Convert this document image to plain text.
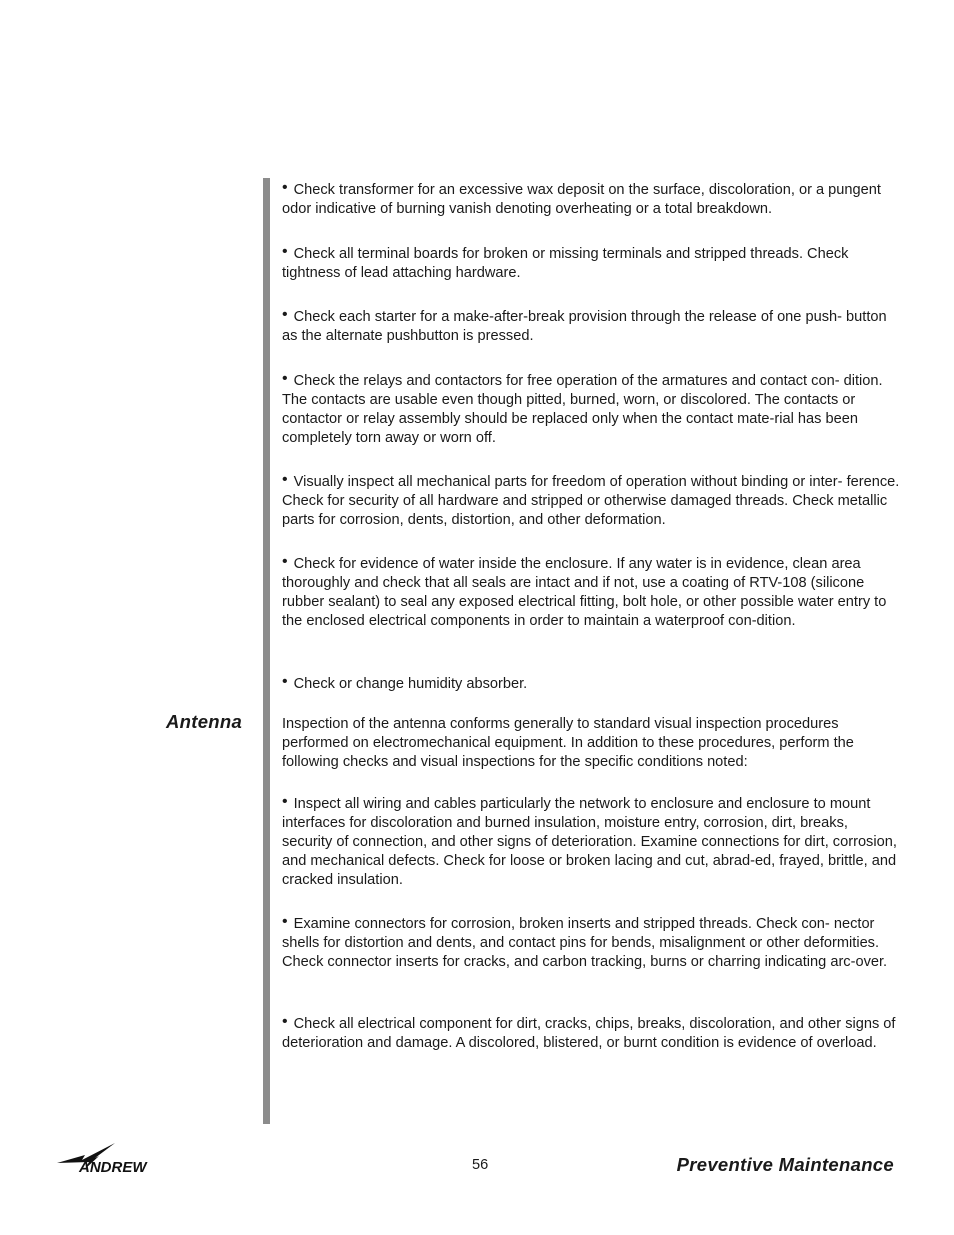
Antenna

• Check transformer for an excessive wax deposit on the surface, discoloration, or a pungent odor indicative of burning vanish denoting overheating or a total breakdown.

• Check all terminal boards for broken or missing terminals and stripped threads. Check tightness of lead attaching hardware.

• Check each starter for a make-after-break provision through the release of one push- button as the alternate pushbutton is pressed.

• Check the relays and contactors for free operation of the armatures and contact con- dition. The contacts are usable even though pitted, burned, worn, or discolored. The contacts or contactor or relay assembly should be replaced only when the contact mate-rial has been completely torn away or worn off.

• Visually inspect all mechanical parts for freedom of operation without binding or inter- ference. Check for security of all hardware and stripped or otherwise damaged threads. Check metallic parts for corrosion, dents, distortion, and other deformation.

• Check for evidence of water inside the enclosure. If any water is in evidence, clean area thoroughly and check that all seals are intact and if not, use a coating of RTV-108 (silicone rubber sealant) to seal any exposed electrical fitting, bolt hole, or other possible water entry to the enclosed electrical components in order to maintain a waterproof con-dition.

• Check or change humidity absorber.

Inspection of the antenna conforms generally to standard visual inspection procedures performed on electromechanical equipment. In addition to these procedures, perform the following checks and visual inspections for the specific conditions noted:

• Inspect all wiring and cables particularly the network to enclosure and enclosure to mount interfaces for discoloration and burned insulation, moisture entry, corrosion, dirt, breaks, security of connection, and other signs of deterioration. Examine connections for dirt, corrosion, and mechanical defects. Check for loose or broken lacing and cut, abrad-ed, frayed, brittle, and cracked insulation.

• Examine connectors for corrosion, broken inserts and stripped threads. Check con- nector shells for distortion and dents, and contact pins for bends, misalignment or other deformities. Check connector inserts for cracks, and carbon tracking, burns or charring indicating arc-over.

• Check all electrical component for dirt, cracks, chips, breaks, discoloration, and other signs of deterioration and damage. A discolored, blistered, or burnt condition is evidence of overload.

ANDREW	56	Preventive Maintenance
